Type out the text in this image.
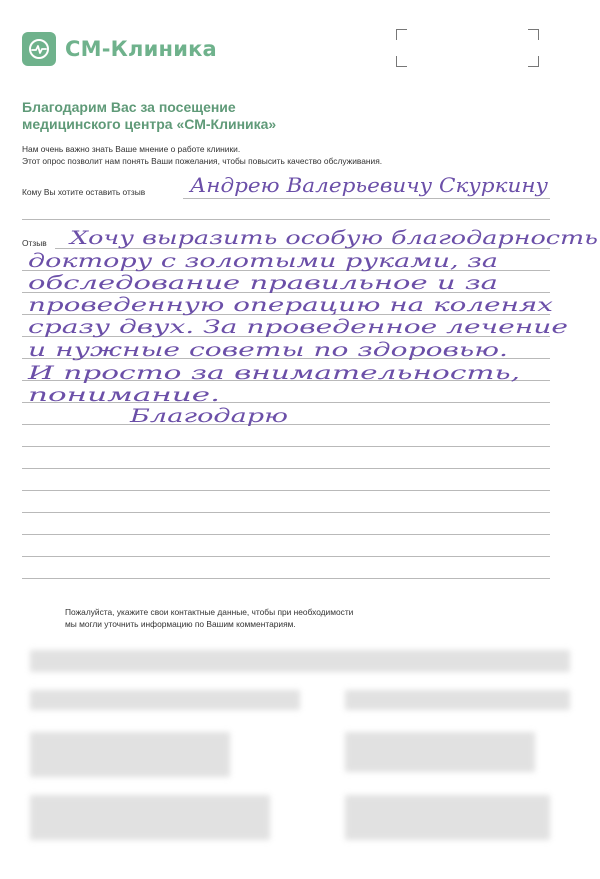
СМ-Клиника
Благодарим Вас за посещение
медицинского центра «СМ-Клиника»
Нам очень важно знать Ваше мнение о работе клиники.
Этот опрос позволит нам понять Ваши пожелания, чтобы повысить качество обслуживания.
Кому Вы хотите оставить отзыв
Отзыв
Андрею Валерьевичу Скуркину
Хочу выразить особую благодарность
доктору с золотыми руками, за
обследование правильное и за
проведенную операцию на коленях
сразу двух. За проведенное лечение
и нужные советы по здоровью.
И просто за внимательность,
понимание.
Благодарю
Пожалуйста, укажите свои контактные данные, чтобы при необходимости
мы могли уточнить информацию по Вашим комментариям.
